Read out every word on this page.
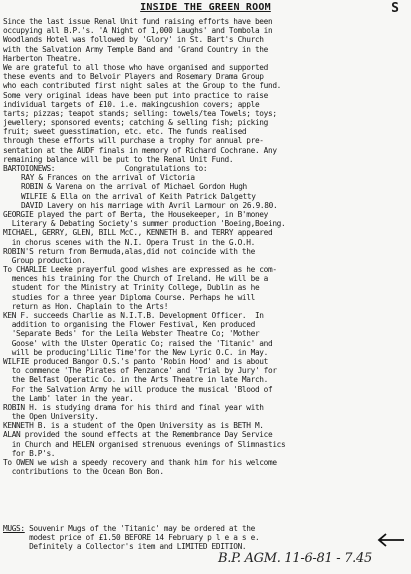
INSIDE THE GREEN ROOM	S
Since the last issue Renal Unit fund raising efforts have been
occupying all B.P.'s. 'A Night of 1,000 Laughs' and Tombola in
Woodlands Hotel was followed by 'Glory' in St. Bart's Church
with the Salvation Army Temple Band and 'Grand Country in the
Harberton Theatre.
We are grateful to all those who have organised and supported
these events and to Belvoir Players and Rosemary Drama Group
who each contributed first night sales at the Group to the fund.
Some very original ideas have been put into practice to raise
individual targets of £10. i.e. makingcushion covers; apple
tarts; pizzas; teapot stands; selling: towels/tea Towels; toys;
jewellery; sponsored events; catching & selling fish; picking
fruit; sweet guesstimation, etc. etc. The funds realised
through these efforts will purchase a trophy for annual pre-
sentation at the AUDF finals in memory of Richard Cochrane. Any
remaining balance will be put to the Renal Unit Fund.
BARTOIONEWS:                Congratulations to:
RAY & Frances on the arrival of Victoria
ROBIN & Varena on the arrival of Michael Gordon Hugh
WILFIE & Ella on the arrival of Keith Patrick Dalgetty
DAVID Lavery on his marriage with Avril Larmour on 26.9.80.
GEORGIE played the part of Berta, the Housekeeper, in B'money
Literary & Debating Society's summer production 'Boeing,Boeing.
MICHAEL, GERRY, GLEN, BILL McC., KENNETH B. and TERRY appeared
in chorus scenes with the N.I. Opera Trust in the G.O.H.
ROBIN'S return from Bermuda,alas,did not coincide with the
Group production.
To CHARLIE Leeke prayerful good wishes are expressed as he com-
mences his training for the Church of Ireland. He will be a
student for the Ministry at Trinity College, Dublin as he
studies for a three year Diploma Course. Perhaps he will
return as Hon. Chaplain to the Arts!
KEN F. succeeds Charlie as N.I.T.B. Development Officer.  In
addition to organising the Flower Festival, Ken produced
'Separate Beds' for the Leila Webster Theatre Co; 'Mother
Goose' with the Ulster Operatic Co; raised the 'Titanic' and
will be producing'Lilic Time'for the New Lyric O.C. in May.
WILFIE produced Bangor O.S.'s panto 'Robin Hood' and is about
to commence 'The Pirates of Penzance' and 'Trial by Jury' for
the Belfast Operatic Co. in the Arts Theatre in late March.
For the Salvation Army he will produce the musical 'Blood of
the Lamb' later in the year.
ROBIN H. is studying drama for his third and final year with
the Open University.
KENNETH B. is a student of the Open University as is BETH M.
ALAN provided the sound effects at the Remembrance Day Service
in Church and HELEN organised strenuous evenings of Slimnastics
for B.P's.
To OWEN we wish a speedy recovery and thank him for his welcome
contributions to the Ocean Bon Bon.
MUGS: Souvenir Mugs of the 'Titanic' may be ordered at the
modest price of £1.50 BEFORE 14 February p l e a s e.
Definitely a Collector's item and LIMITED EDITION.
B.P. AGM. 11-6-81 - 7.45
